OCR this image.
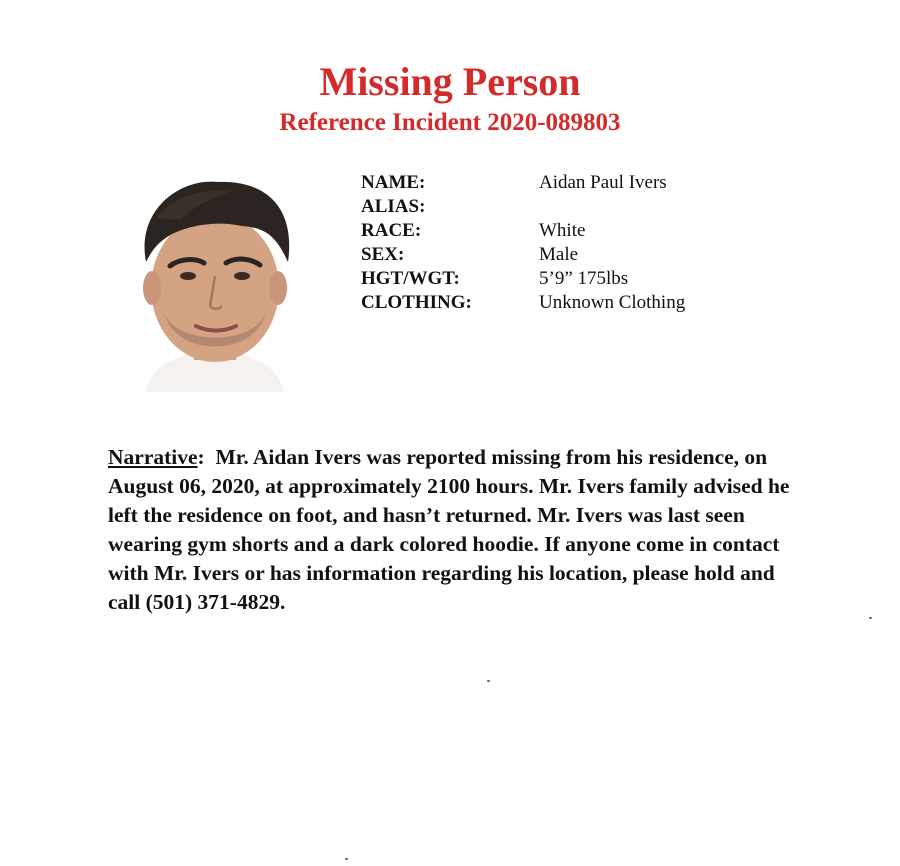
Missing Person
Reference Incident 2020-089803
NAME:	Aidan Paul Ivers
ALIAS:	
RACE:	White
SEX:	Male
HGT/WGT:	5’9” 175lbs
CLOTHING:	Unknown Clothing

Narrative:  Mr. Aidan Ivers was reported missing from his residence, on August 06, 2020, at approximately 2100 hours. Mr. Ivers family advised he left the residence on foot, and hasn’t returned. Mr. Ivers was last seen wearing gym shorts and a dark colored hoodie. If anyone come in contact with Mr. Ivers or has information regarding his location, please hold and call (501) 371-4829.
